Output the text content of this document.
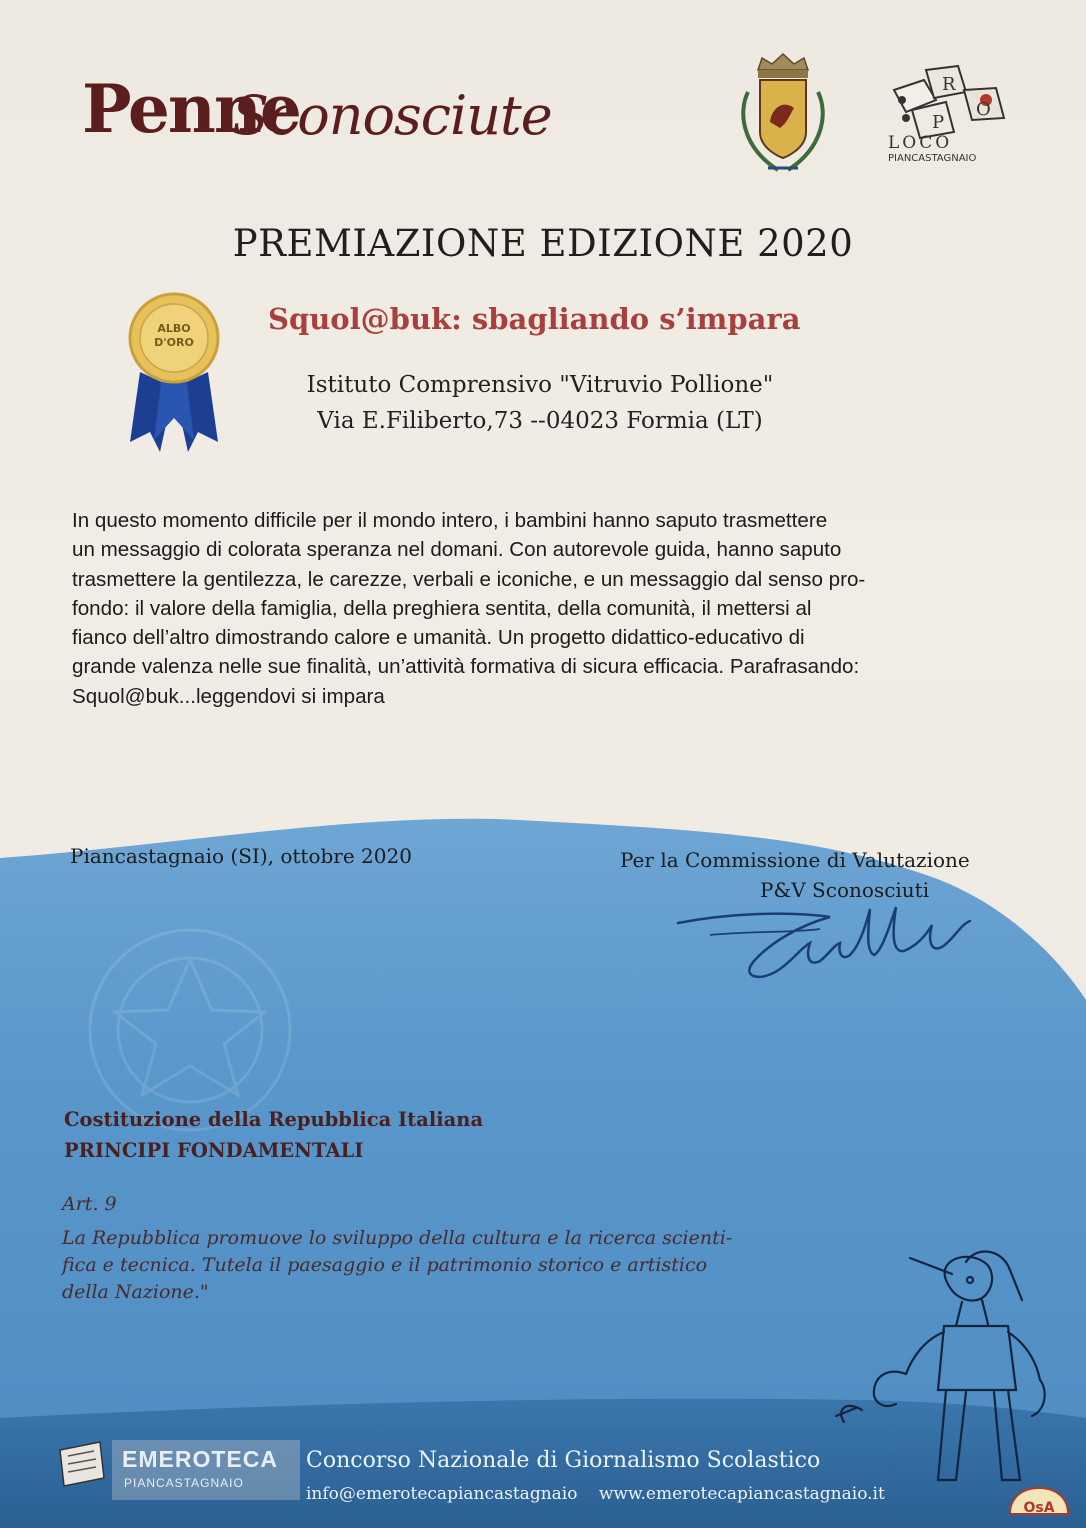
Penne
Sconosciute	P
R
O
LOCO
PIANCASTAGNAIO
PREMIAZIONE EDIZIONE 2020
ALBO
D'ORO
Squol@buk: sbagliando s’impara
Istituto Comprensivo "Vitruvio Pollione"
Via E.Filiberto,73 --04023 Formia (LT)
In questo momento difficile per il mondo intero, i bambini hanno saputo trasmettere
un messaggio di colorata speranza nel domani. Con autorevole guida, hanno saputo
trasmettere la gentilezza, le carezze, verbali e iconiche, e un messaggio dal senso pro-
fondo: il valore della famiglia, della preghiera sentita, della comunità, il mettersi al
fianco dell’altro dimostrando calore e umanità. Un progetto didattico-educativo di
grande valenza nelle sue finalità, un’attività formativa di sicura efficacia. Parafrasando:
Squol@buk...leggendovi si impara
Piancastagnaio (SI), ottobre 2020	Per la Commissione di Valutazione
P&V Sconosciuti
Costituzione della Repubblica Italiana
PRINCIPI FONDAMENTALI
Art. 9
La Repubblica promuove lo sviluppo della cultura e la ricerca scienti-
fica e tecnica. Tutela il paesaggio e il patrimonio storico e artistico
della Nazione."
EMEROTECA
PIANCASTAGNAIO
Concorso Nazionale di Giornalismo Scolastico
info@emerotecapiancastagnaio www.emerotecapiancastagnaio.it
OsA
